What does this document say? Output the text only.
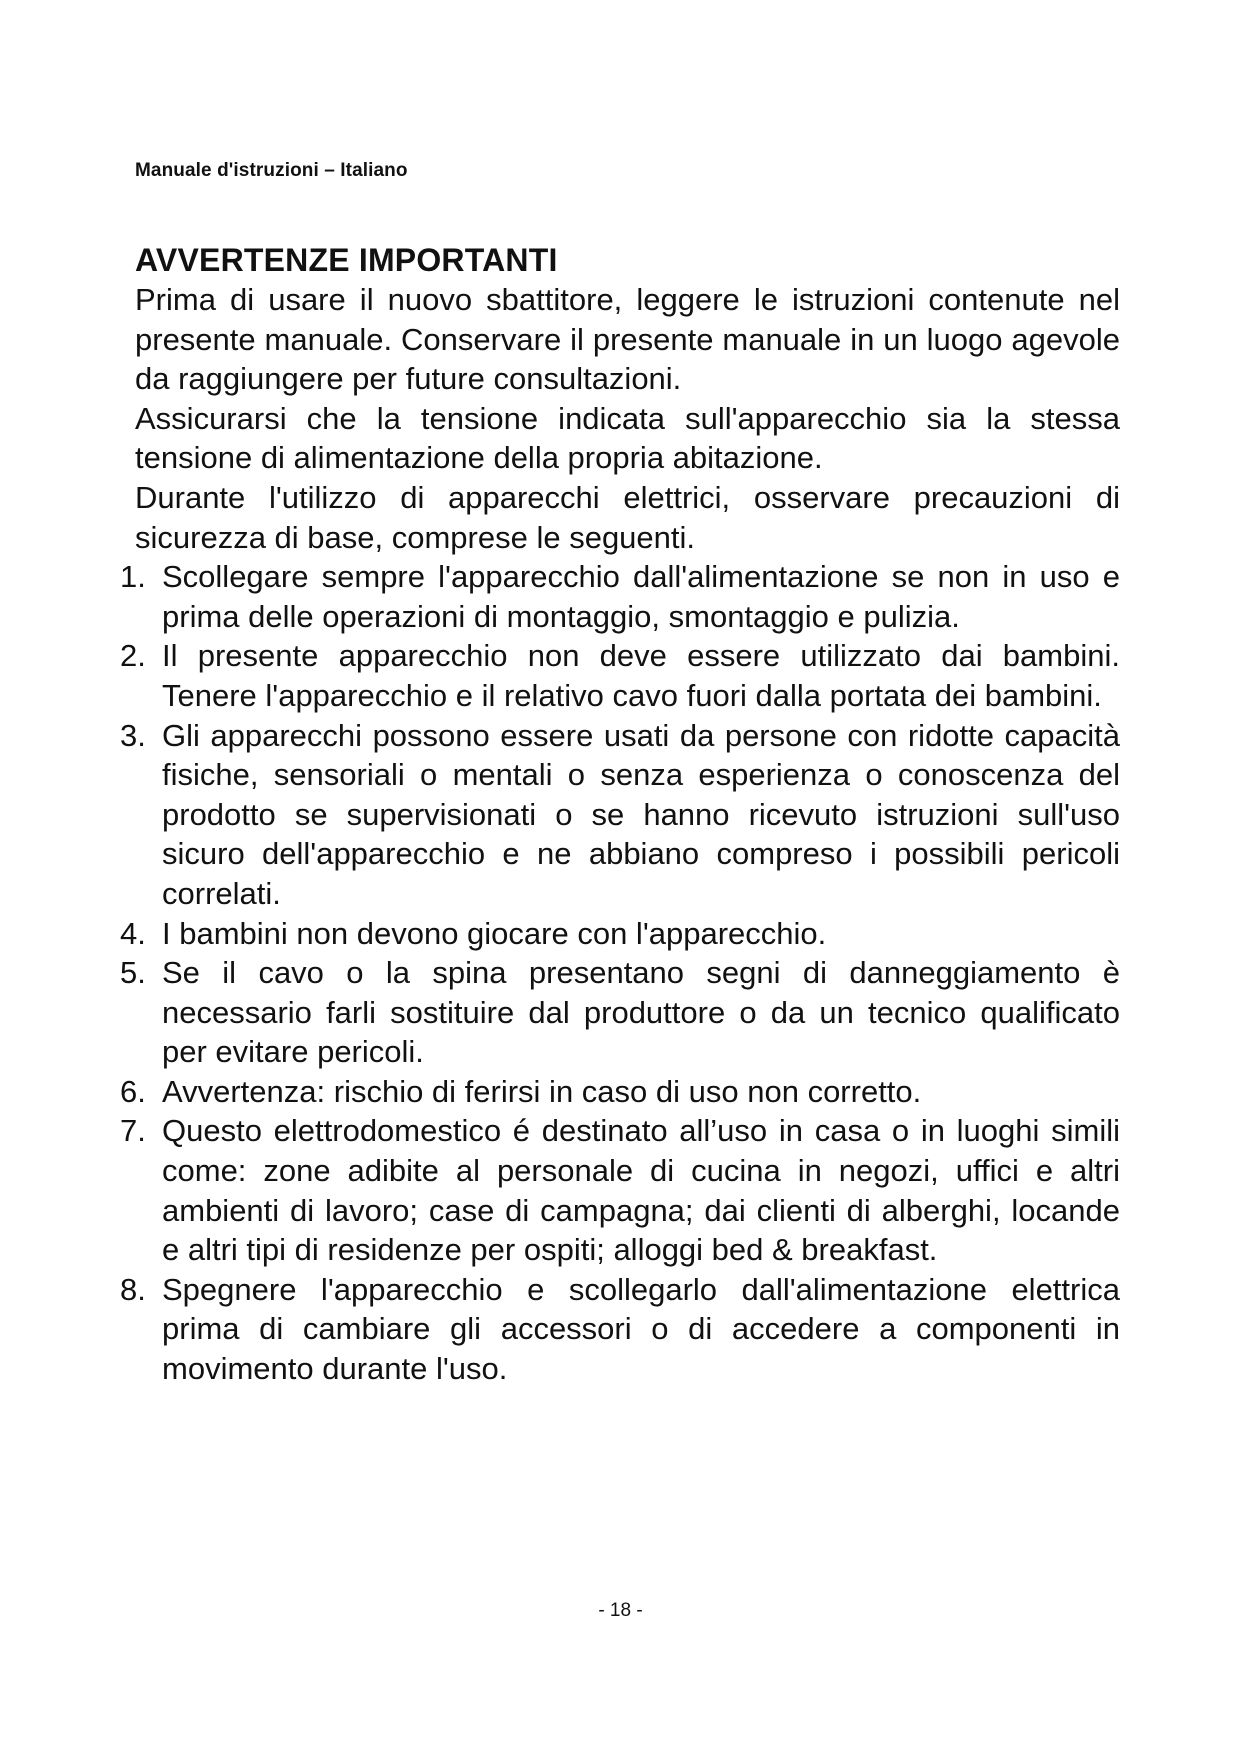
Manuale d'istruzioni – Italiano
AVVERTENZE IMPORTANTI

Prima di usare il nuovo sbattitore, leggere le istruzioni contenute nel presente manuale. Conservare il presente manuale in un luogo agevole da raggiungere per future consultazioni.

Assicurarsi che la tensione indicata sull'apparecchio sia la stessa tensione di alimentazione della propria abitazione.

Durante l'utilizzo di apparecchi elettrici, osservare precauzioni di sicurezza di base, comprese le seguenti.

1. Scollegare sempre l'apparecchio dall'alimentazione se non in uso e prima delle operazioni di montaggio, smontaggio e pulizia.
2. Il presente apparecchio non deve essere utilizzato dai bambini. Tenere l'apparecchio e il relativo cavo fuori dalla portata dei bambini.
3. Gli apparecchi possono essere usati da persone con ridotte capacità fisiche, sensoriali o mentali o senza esperienza o conoscenza del prodotto se supervisionati o se hanno ricevuto istruzioni sull'uso sicuro dell'apparecchio e ne abbiano compreso i possibili pericoli correlati.
4. I bambini non devono giocare con l'apparecchio.
5. Se il cavo o la spina presentano segni di danneggiamento è necessario farli sostituire dal produttore o da un tecnico qualificato per evitare pericoli.
6. Avvertenza: rischio di ferirsi in caso di uso non corretto.
7. Questo elettrodomestico é destinato all’uso in casa o in luoghi simili come: zone adibite al personale di cucina in negozi, uffici e altri ambienti di lavoro; case di campagna; dai clienti di alberghi, locande e altri tipi di residenze per ospiti; alloggi bed & breakfast.
8. Spegnere l'apparecchio e scollegarlo dall'alimentazione elettrica prima di cambiare gli accessori o di accedere a componenti in movimento durante l'uso.
- 18 -
